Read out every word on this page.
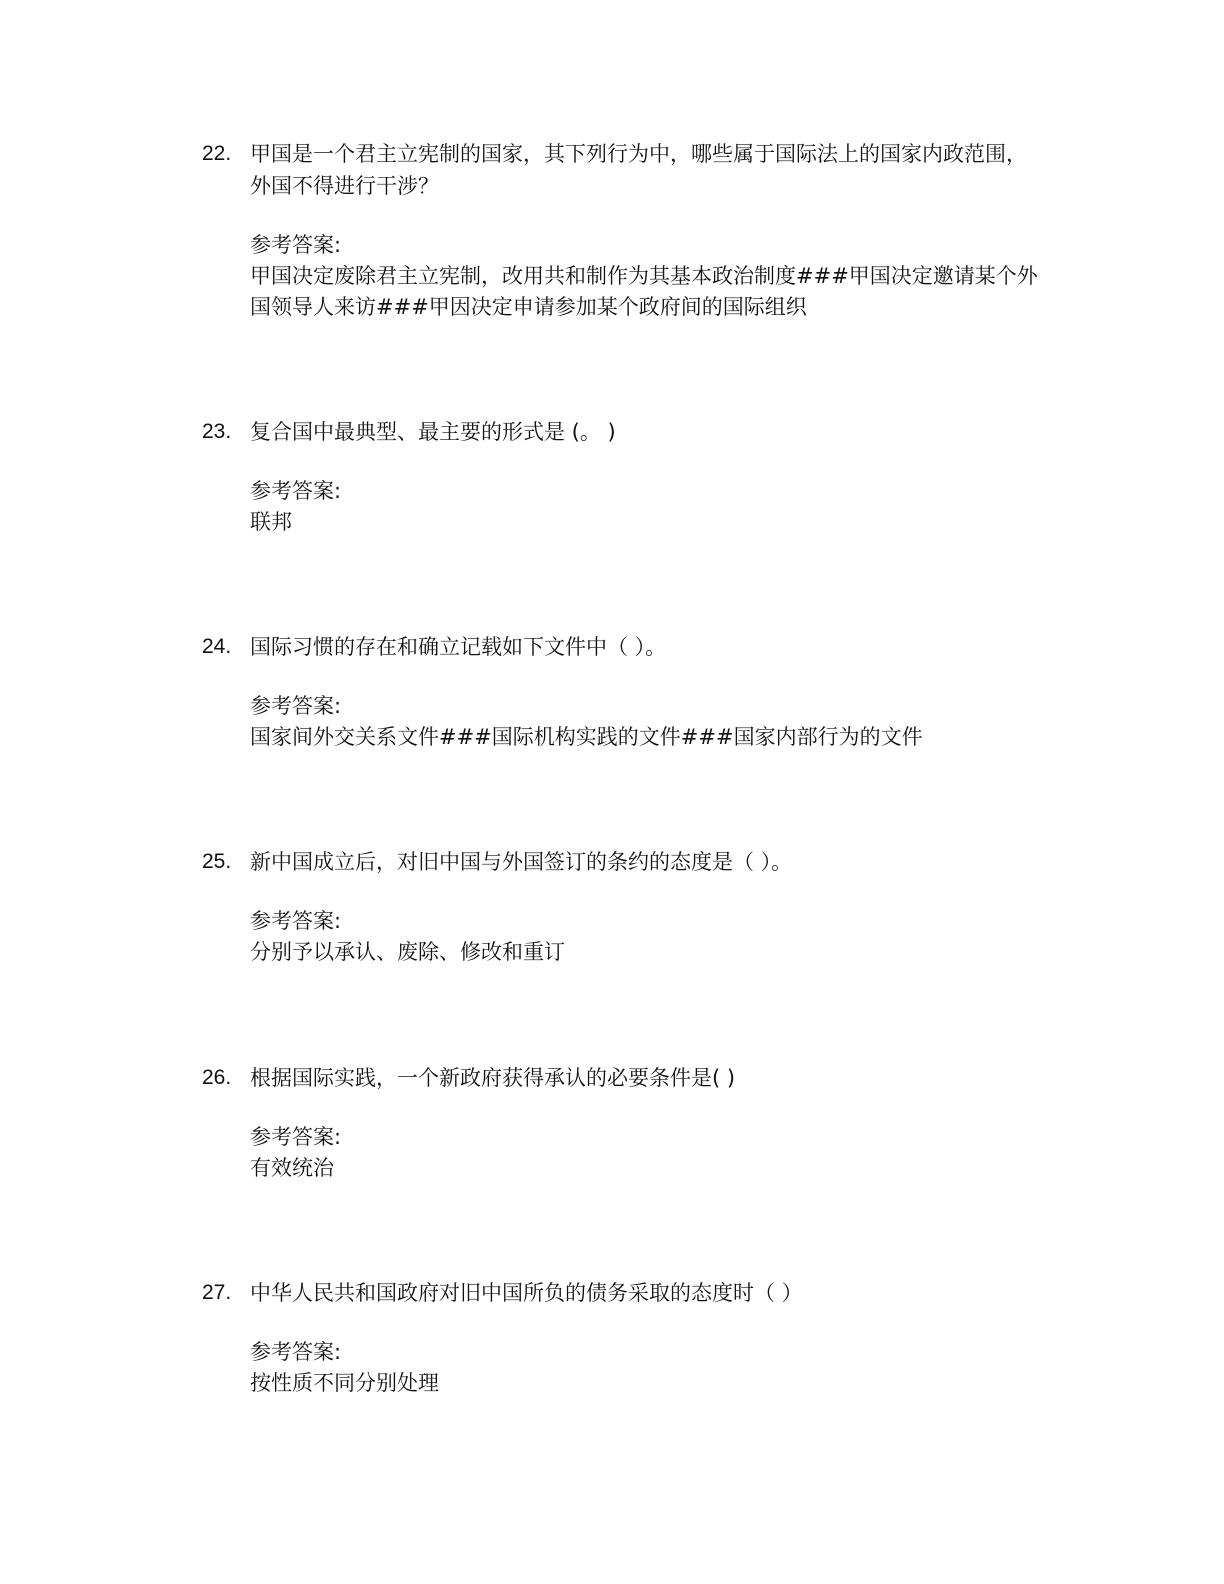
22. 甲国是一个君主立宪制的国家，其下列行为中，哪些属于国际法上的国家内政范围，外国不得进行干涉？
参考答案:
甲国决定废除君主立宪制，改用共和制作为其基本政治制度###甲国决定邀请某个外国领导人来访###甲因决定申请参加某个政府间的国际组织
23. 复合国中最典型、最主要的形式是 (。 )
参考答案:
联邦
24. 国际习惯的存在和确立记载如下文件中（ ）。
参考答案:
国家间外交关系文件###国际机构实践的文件###国家内部行为的文件
25. 新中国成立后，对旧中国与外国签订的条约的态度是（ ）。
参考答案:
分别予以承认、废除、修改和重订
26. 根据国际实践，一个新政府获得承认的必要条件是( )
参考答案:
有效统治
27. 中华人民共和国政府对旧中国所负的债务采取的态度时（ ）
参考答案:
按性质不同分别处理
